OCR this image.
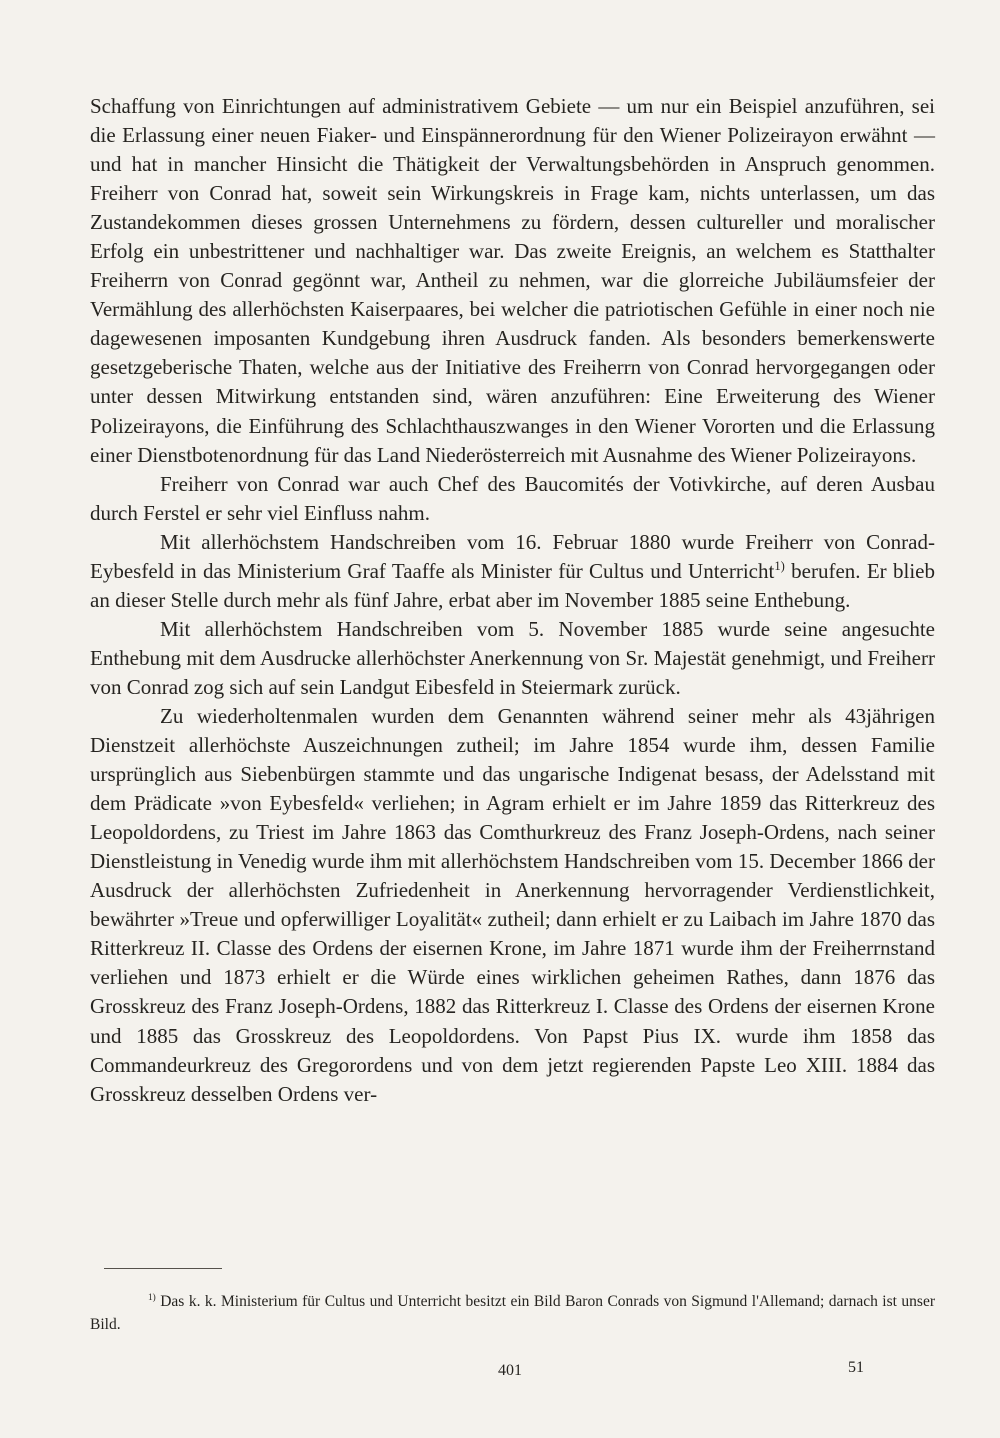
Schaffung von Einrichtungen auf administrativem Gebiete — um nur ein Beispiel anzuführen, sei die Erlassung einer neuen Fiaker- und Einspännerordnung für den Wiener Polizeirayon erwähnt — und hat in mancher Hinsicht die Thätigkeit der Verwaltungsbehörden in Anspruch genommen. Freiherr von Conrad hat, soweit sein Wirkungskreis in Frage kam, nichts unterlassen, um das Zustandekommen dieses grossen Unternehmens zu fördern, dessen cultureller und moralischer Erfolg ein unbestrittener und nachhaltiger war. Das zweite Ereignis, an welchem es Statthalter Freiherrn von Conrad gegönnt war, Antheil zu nehmen, war die glorreiche Jubiläumsfeier der Vermählung des allerhöchsten Kaiserpaares, bei welcher die patriotischen Gefühle in einer noch nie dagewesenen imposanten Kundgebung ihren Ausdruck fanden. Als besonders bemerkenswerte gesetzgeberische Thaten, welche aus der Initiative des Freiherrn von Conrad hervorgegangen oder unter dessen Mitwirkung entstanden sind, wären anzuführen: Eine Erweiterung des Wiener Polizeirayons, die Einführung des Schlachthauszwanges in den Wiener Vororten und die Erlassung einer Dienstbotenordnung für das Land Niederösterreich mit Ausnahme des Wiener Polizeirayons.

Freiherr von Conrad war auch Chef des Baucomités der Votivkirche, auf deren Ausbau durch Ferstel er sehr viel Einfluss nahm.

Mit allerhöchstem Handschreiben vom 16. Februar 1880 wurde Freiherr von Conrad-Eybesfeld in das Ministerium Graf Taaffe als Minister für Cultus und Unterricht$^{1)}$ berufen. Er blieb an dieser Stelle durch mehr als fünf Jahre, erbat aber im November 1885 seine Enthebung.

Mit allerhöchstem Handschreiben vom 5. November 1885 wurde seine angesuchte Enthebung mit dem Ausdrucke allerhöchster Anerkennung von Sr. Majestät genehmigt, und Freiherr von Conrad zog sich auf sein Landgut Eibesfeld in Steiermark zurück.

Zu wiederholtenmalen wurden dem Genannten während seiner mehr als 43jährigen Dienstzeit allerhöchste Auszeichnungen zutheil; im Jahre 1854 wurde ihm, dessen Familie ursprünglich aus Siebenbürgen stammte und das ungarische Indigenat besass, der Adelsstand mit dem Prädicate »von Eybesfeld« verliehen; in Agram erhielt er im Jahre 1859 das Ritterkreuz des Leopoldordens, zu Triest im Jahre 1863 das Comthurkreuz des Franz Joseph-Ordens, nach seiner Dienstleistung in Venedig wurde ihm mit allerhöchstem Handschreiben vom 15. December 1866 der Ausdruck der allerhöchsten Zufriedenheit in Anerkennung hervorragender Verdienstlichkeit, bewährter »Treue und opferwilliger Loyalität« zutheil; dann erhielt er zu Laibach im Jahre 1870 das Ritterkreuz II. Classe des Ordens der eisernen Krone, im Jahre 1871 wurde ihm der Freiherrnstand verliehen und 1873 erhielt er die Würde eines wirklichen geheimen Rathes, dann 1876 das Grosskreuz des Franz Joseph-Ordens, 1882 das Ritterkreuz I. Classe des Ordens der eisernen Krone und 1885 das Grosskreuz des Leopoldordens. Von Papst Pius IX. wurde ihm 1858 das Commandeurkreuz des Gregorordens und von dem jetzt regierenden Papste Leo XIII. 1884 das Grosskreuz desselben Ordens ver-

$^{1)}$ Das k. k. Ministerium für Cultus und Unterricht besitzt ein Bild Baron Conrads von Sigmund l'Allemand; darnach ist unser Bild.

401	51
